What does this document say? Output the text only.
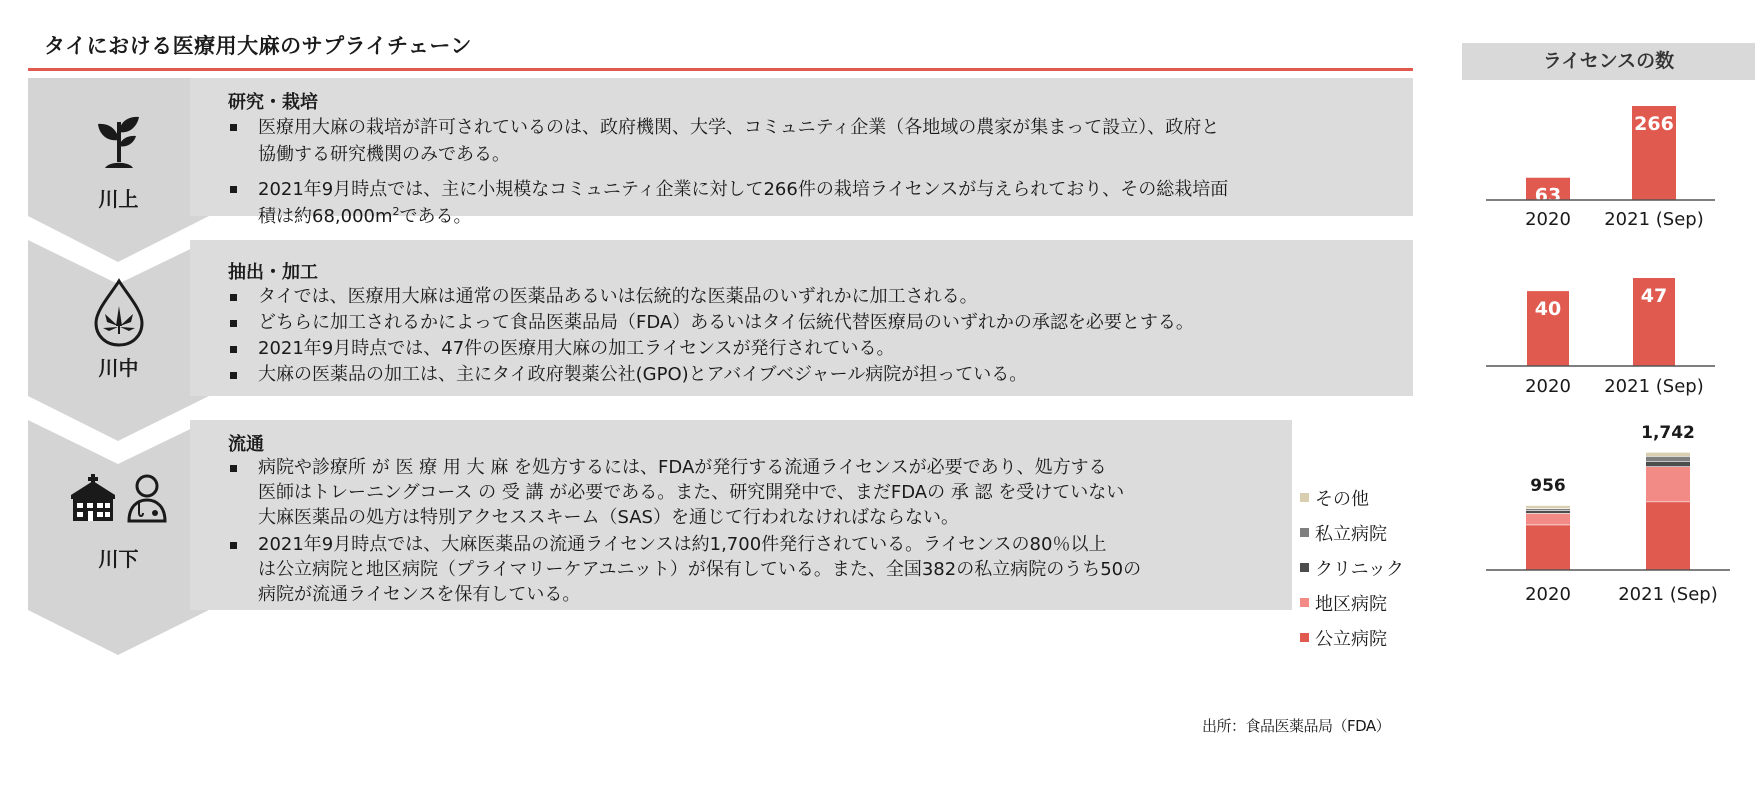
タイにおける医療用大麻のサプライチェーン
川上
川中
川下
研究・栽培
医療用大麻の栽培が許可されているのは、政府機関、大学、コミュニティ企業（各地域の農家が集まって設立）、政府と
協働する研究機関のみである。
2021年9月時点では、主に小規模なコミュニティ企業に対して266件の栽培ライセンスが与えられており、その総栽培面
積は約$68,000m^2$である。
抽出・加工
タイでは、医療用大麻は通常の医薬品あるいは伝統的な医薬品のいずれかに加工される。
どちらに加工されるかによって食品医薬品局（FDA）あるいはタイ伝統代替医療局のいずれかの承認を必要とする。
2021年9月時点では、47件の医療用大麻の加工ライセンスが発行されている。
大麻の医薬品の加工は、主にタイ政府製薬公社(GPO)とアバイブベジャール病院が担っている。
流通
病院や診療所 が 医 療 用 大 麻 を処方するには、FDAが発行する流通ライセンスが必要であり、処方する
医師はトレーニングコース の 受 講 が必要である。また、研究開発中で、まだFDAの 承 認 を受けていない
大麻医薬品の処方は特別アクセススキーム（SAS）を通じて行われなければならない。
2021年9月時点では、大麻医薬品の流通ライセンスは約1,700件発行されている。ライセンスの80％以上
は公立病院と地区病院（プライマリーケアユニット）が保有している。また、全国382の私立病院のうち50の
病院が流通ライセンスを保有している。
その他
私立病院
クリニック
地区病院
公立病院
ライセンスの数
63
266
2020 2021 (Sep)
40
47
2020 2021 (Sep)
956
2020
1,742
2021 (Sep)
出所：食品医薬品局（FDA）
